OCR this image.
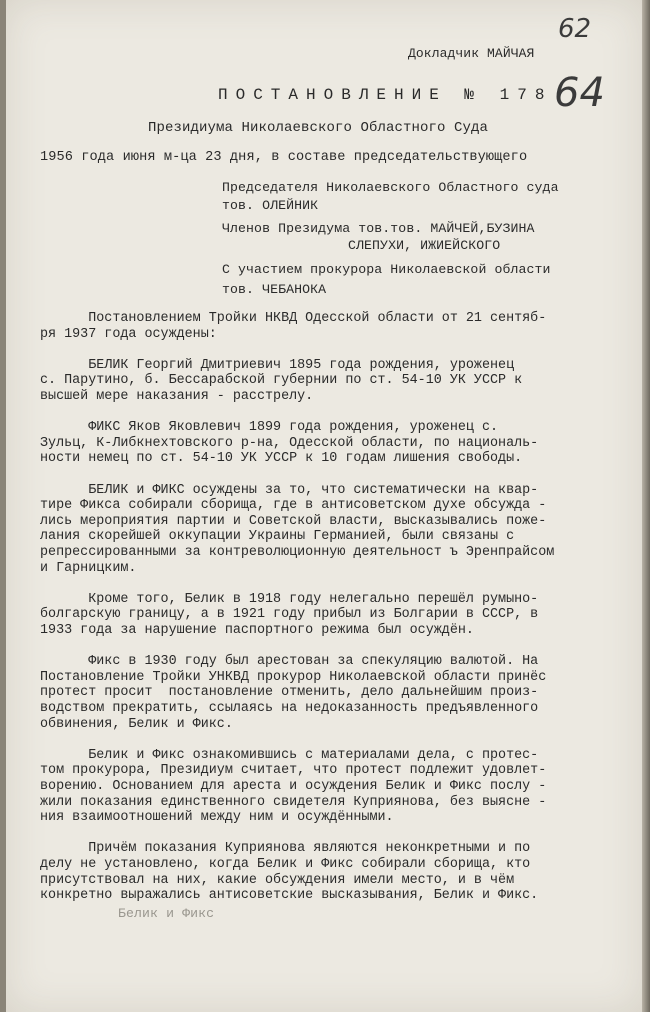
62
64
Докладчик МАЙЧАЯ
ПОСТАНОВЛЕНИЕ № 178
Президиума Николаевского Областного Суда
1956 года июня м-ца 23 дня, в составе председательствующего
Председателя Николаевского Областного суда
тов. ОЛЕЙНИК
Членов Президума тов.тов. МАЙЧЕЙ,БУЗИНА
СЛЕПУХИ, ИЖИЕЙСКОГО
С участием прокурора Николаевской области
тов. ЧЕБАНОКА
Постановлением Тройки НКВД Одесской области от 21 сентяб-
ря 1937 года осуждены:
БЕЛИК Георгий Дмитриевич 1895 года рождения, уроженец
с. Парутино, б. Бессарабской губернии по ст. 54-10 УК УССР к
высшей мере наказания - расстрелу.
ФИКС Яков Яковлевич 1899 года рождения, уроженец с.
Зульц, К-Либкнехтовского р-на, Одесской области, по националь-
ности немец по ст. 54-10 УК УССР к 10 годам лишения свободы.
БЕЛИК и ФИКС осуждены за то, что систематически на квар-
тире Фикса собирали сборища, где в антисоветском духе обсужда -
лись мероприятия партии и Советской власти, высказывались поже-
лания скорейшей оккупации Украины Германией, были связаны с
репрессированными за контреволюционную деятельност ъ Эренпрайсом
и Гарницким.
Кроме того, Белик в 1918 году нелегально перешёл румыно-
болгарскую границу, а в 1921 году прибыл из Болгарии в СССР, в
1933 года за нарушение паспортного режима был осуждён.
Фикс в 1930 году был арестован за спекуляцию валютой. На
Постановление Тройки УНКВД прокурор Николаевской области принёс
протест просит  постановление отменить, дело дальнейшим произ-
водством прекратить, ссылаясь на недоказанность предъявленного
обвинения, Белик и Фикс.
Белик и Фикс ознакомившись с материалами дела, с протес-
том прокурора, Президиум считает, что протест подлежит удовлет-
ворению. Основанием для ареста и осуждения Белик и Фикс послу -
жили показания единственного свидетеля Куприянова, без выясне -
ния взаимоотношений между ним и осуждёнными.
Причём показания Куприянова являются неконкретными и по
делу не установлено, когда Белик и Фикс собирали сборища, кто
присутствовал на них, какие обсуждения имели место, и в чём
конкретно выражались антисоветские высказывания, Белик и Фикс.
Белик и Фикс
